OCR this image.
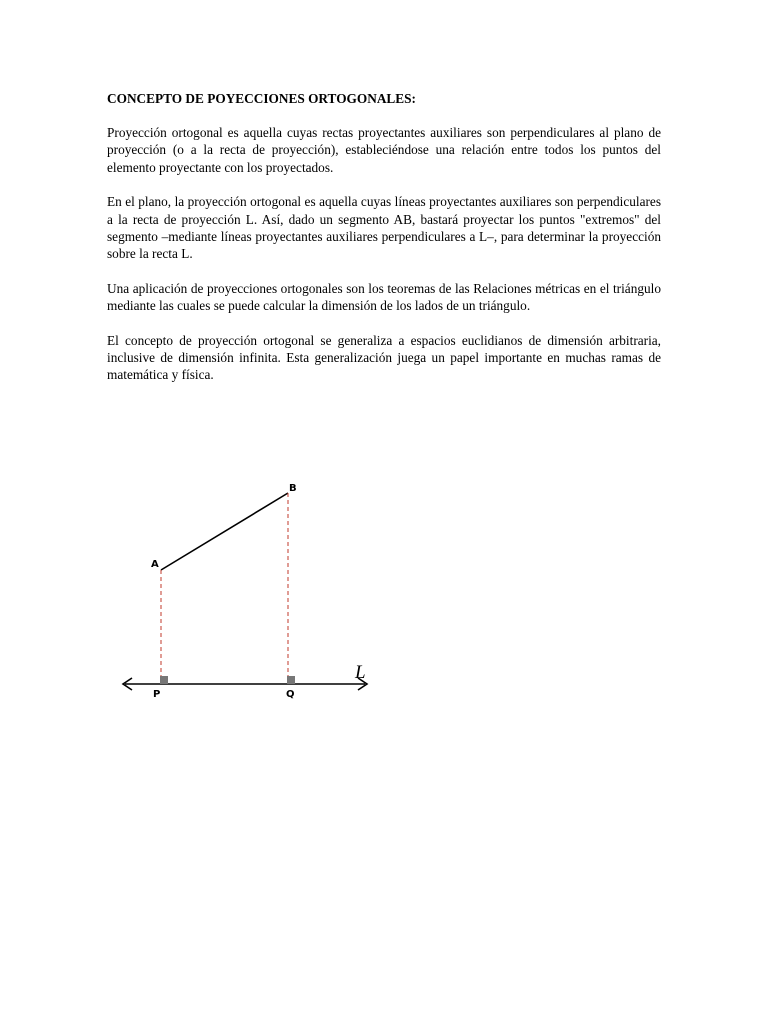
CONCEPTO DE POYECCIONES ORTOGONALES:

Proyección ortogonal es aquella cuyas rectas proyectantes auxiliares son perpendiculares al plano de proyección (o a la recta de proyección), estableciéndose una relación entre todos los puntos del elemento proyectante con los proyectados.

En el plano, la proyección ortogonal es aquella cuyas líneas proyectantes auxiliares son perpendiculares a la recta de proyección L. Así, dado un segmento AB, bastará proyectar los puntos "extremos" del segmento –mediante líneas proyectantes auxiliares perpendiculares a L–, para determinar la proyección sobre la recta L.

Una aplicación de proyecciones ortogonales son los teoremas de las Relaciones métricas en el triángulo mediante las cuales se puede calcular la dimensión de los lados de un triángulo.

El concepto de proyección ortogonal se generaliza a espacios euclidianos de dimensión arbitraria, inclusive de dimensión infinita. Esta generalización juega un papel importante en muchas ramas de matemática y física.

A
B
P	Q
L
